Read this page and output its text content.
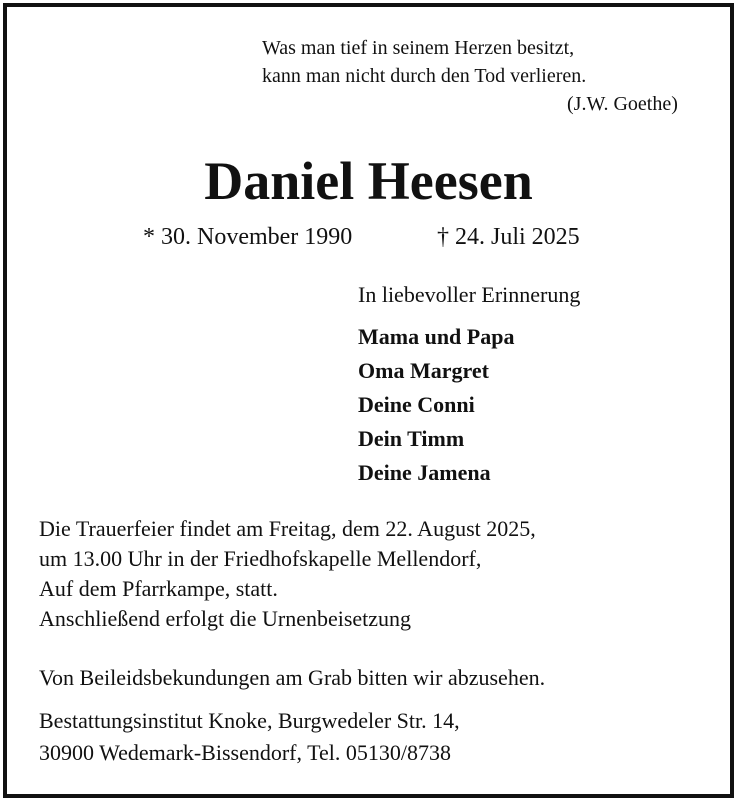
Was man tief in seinem Herzen besitzt,
kann man nicht durch den Tod verlieren.
(J.W. Goethe)
Daniel Heesen
* 30. November 1990	† 24. Juli 2025
In liebevoller Erinnerung
Mama und Papa
Oma Margret
Deine Conni
Dein Timm
Deine Jamena
Die Trauerfeier findet am Freitag, dem 22. August 2025,
um 13.00 Uhr in der Friedhofskapelle Mellendorf,
Auf dem Pfarrkampe, statt.
Anschließend erfolgt die Urnenbeisetzung
Von Beileidsbekundungen am Grab bitten wir abzusehen.
Bestattungsinstitut Knoke, Burgwedeler Str. 14,
30900 Wedemark-Bissendorf, Tel. 05130/8738
